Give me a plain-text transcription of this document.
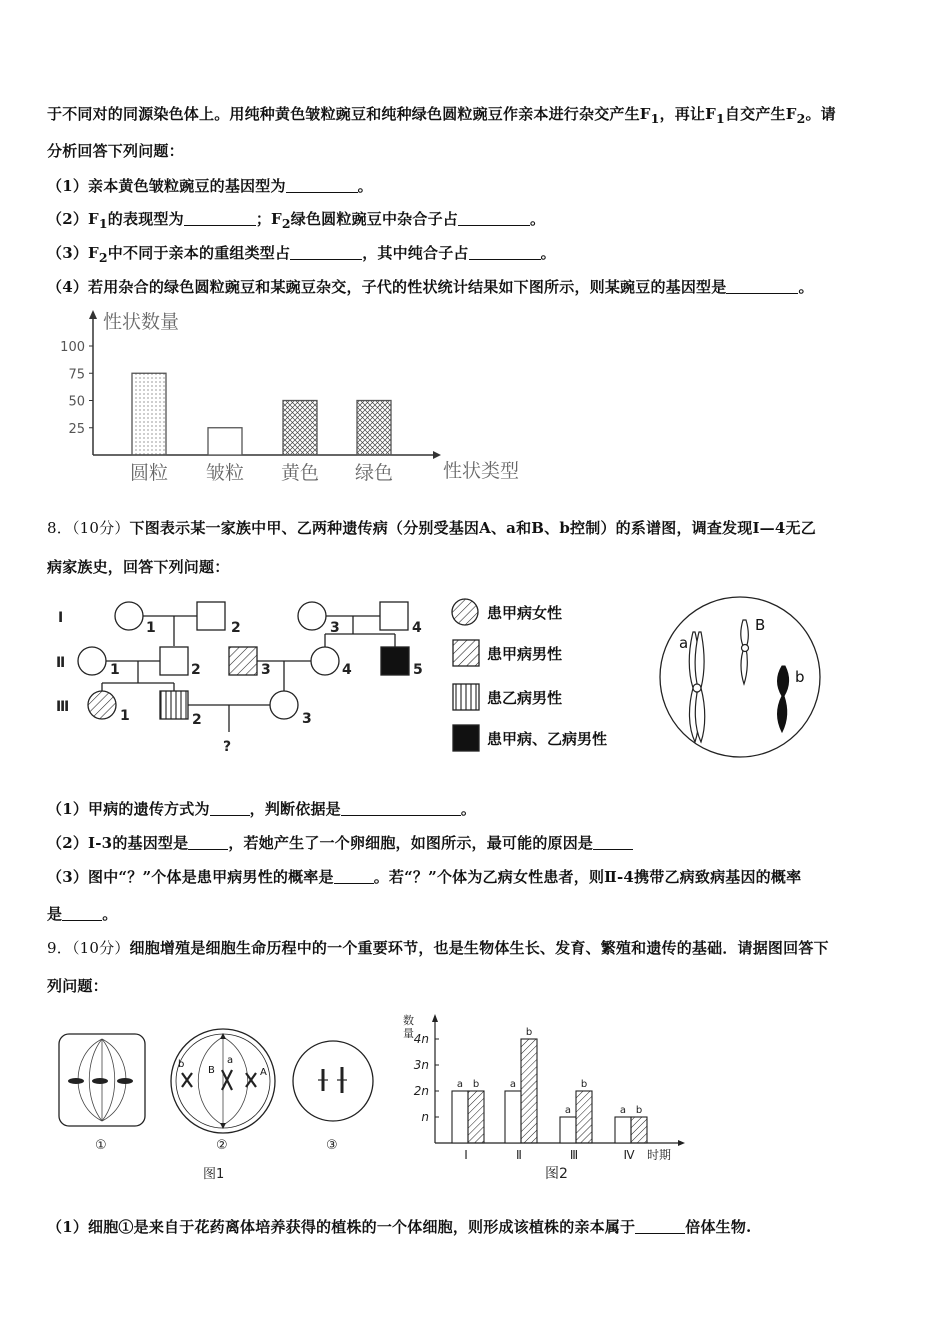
于不同对的同源染色体上。用纯种黄色皱粒豌豆和纯种绿色圆粒豌豆作亲本进行杂交产生$F_1$，再让$F_1$自交产生$F_2$。请
分析回答下列问题：
（1）亲本黄色皱粒豌豆的基因型为	。
$(2)F_1$的表现型为	；$F_2$绿色圆粒豌豆中杂合子占	。
$(3)F_2$中不同于亲本的重组类型占	，其中纯合子占	。
（4）若用杂合的绿色圆粒豌豆和某豌豆杂交，子代的性状统计结果如下图所示，则某豌豆的基因型是	。
100
75
50
25
性状数量
性状类型
圆粒 皱粒 黄色 绿色
8．（10分）下图表示某一家族中甲、乙两种遗传病（分别受基因A、a和B、b控制）的系谱图，调查发现Ⅰ—4无乙
病家族史，回答下列问题：
Ⅰ
Ⅱ
Ⅲ
1	2	3	4
1	2	3	4	5
1	2	3
?
患甲病女性
患甲病男性
患乙病男性
患甲病、乙病男性
a
B
b
（1）甲病的遗传方式为	，判断依据是	。
（2）Ⅰ-3的基因型是	，若她产生了一个卵细胞，如图所示，最可能的原因是
（3）图中“？”个体是患甲病男性的概率是	。若“？”个体为乙病女性患者，则Ⅱ-4携带乙病致病基因的概率
是	。
9．（10分）细胞增殖是细胞生命历程中的一个重要环节，也是生物体生长、发育、繁殖和遗传的基础．请据图回答下
列问题：
b
B
a
A
①	②	③
图1
数
量 4n
3n
2n
n
a b
Ⅰ
a
b
Ⅱ
a
b
Ⅲ
a b
Ⅳ 时期
图2
（1）细胞①是来自于花药离体培养获得的植株的一个体细胞，则形成该植株的亲本属于	倍体生物.
